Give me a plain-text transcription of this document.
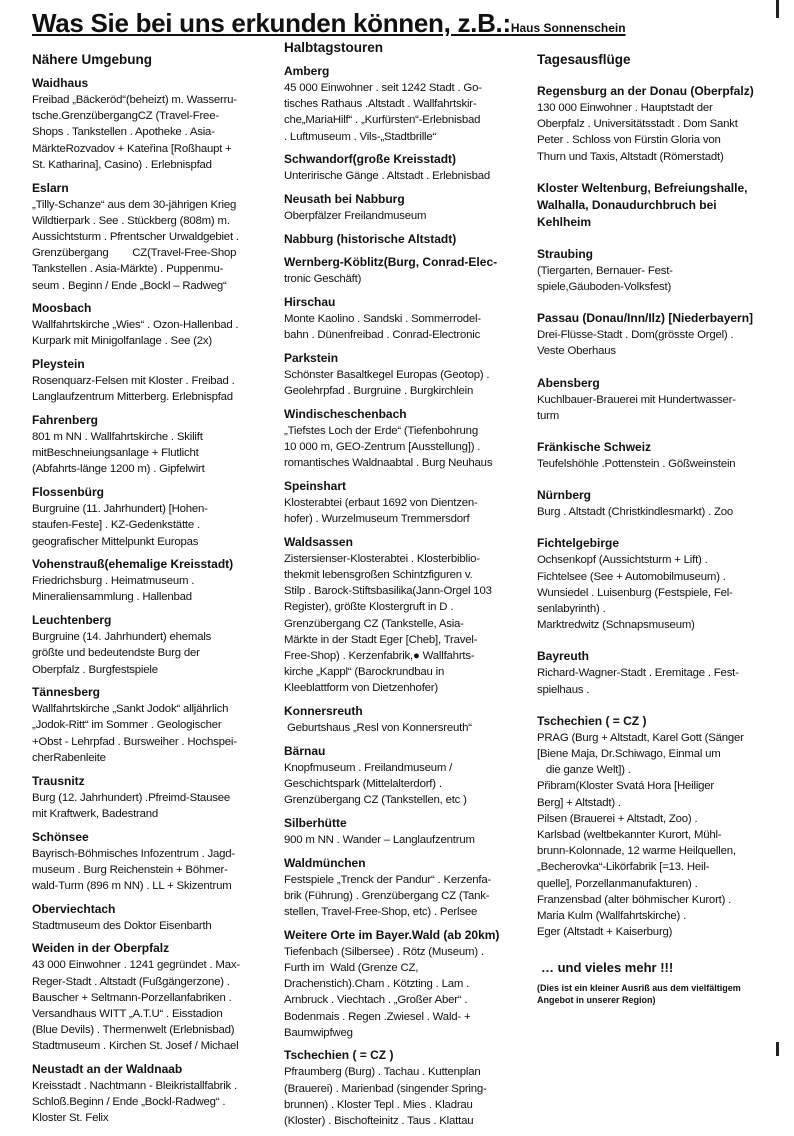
Was Sie bei uns erkunden können, z.B.:Haus Sonnenschein
Nähere Umgebung
Waidhaus
Freibad „Bäckeröd“(beheizt) m. Wasserru-
tsche.GrenzübergangCZ (Travel-Free-
Shops . Tankstellen . Apotheke . Asia-
MärkteRozvadov + Kateřina [Roßhaupt +
St. Katharina], Casino) . Erlebnispfad
Eslarn
„Tilly-Schanze“ aus dem 30-jährigen Krieg
Wildtierpark . See . Stückberg (808m) m.
Aussichtsturm . Pfrentscher Urwaldgebiet .
Grenzübergang        CZ(Travel-Free-Shop
Tankstellen . Asia-Märkte) . Puppenmu-
seum . Beginn / Ende „Bockl – Radweg“
Moosbach
Wallfahrtskirche „Wies“ . Ozon-Hallenbad .
Kurpark mit Minigolfanlage . See (2x)
Pleystein
Rosenquarz-Felsen mit Kloster . Freibad .
Langlaufzentrum Mitterberg. Erlebnispfad
Fahrenberg
801 m NN . Wallfahrtskirche . Skilift
mitBeschneiungsanlage + Flutlicht
(Abfahrts-länge 1200 m) . Gipfelwirt
Flossenbürg
Burgruine (11. Jahrhundert) [Hohen-
staufen-Feste] . KZ-Gedenkstätte .
geografischer Mittelpunkt Europas
Vohenstrauß(ehemalige Kreisstadt)
Friedrichsburg . Heimatmuseum .
Mineraliensammlung . Hallenbad
Leuchtenberg
Burgruine (14. Jahrhundert) ehemals
größte und bedeutendste Burg der
Oberpfalz . Burgfestspiele
Tännesberg
Wallfahrtskirche „Sankt Jodok“ alljährlich
„Jodok-Ritt“ im Sommer . Geologischer
+Obst - Lehrpfad . Bursweiher . Hochspei-
cherRabenleite
Trausnitz
Burg (12. Jahrhundert) .Pfreimd-Stausee
mit Kraftwerk, Badestrand
Schönsee
Bayrisch-Böhmisches Infozentrum . Jagd-
museum . Burg Reichenstein + Böhmer-
wald-Turm (896 m NN) . LL + Skizentrum
Oberviechtach
Stadtmuseum des Doktor Eisenbarth
Weiden in der Oberpfalz
43 000 Einwohner . 1241 gegründet . Max-
Reger-Stadt . Altstadt (Fußgängerzone) .
Bauscher + Seltmann-Porzellanfabriken .
Versandhaus WITT „A.T.U“ . Eisstadion
(Blue Devils) . Thermenwelt (Erlebnisbad)
Stadtmuseum . Kirchen St. Josef / Michael
Neustadt an der Waldnaab
Kreisstadt . Nachtmann - Bleikristallfabrik .
Schloß.Beginn / Ende „Bockl-Radweg“ .
Kloster St. Felix
Halbtagstouren
Amberg
45 000 Einwohner . seit 1242 Stadt . Go-
tisches Rathaus .Altstadt . Wallfahrtskir-
che„MariaHilf“ . „Kurfürsten“-Erlebnisbad
. Luftmuseum . Vils-„Stadtbrille“
Schwandorf(große Kreisstadt)
Unterirische Gänge . Altstadt . Erlebnisbad
Neusath bei Nabburg
Oberpfälzer Freilandmuseum
Nabburg (historische Altstadt)
Wernberg-Köblitz(Burg, Conrad-Elec-
tronic Geschäft)
Hirschau
Monte Kaolino . Sandski . Sommerrodel-
bahn . Dünenfreibad . Conrad-Electronic
Parkstein
Schönster Basaltkegel Europas (Geotop) .
Geolehrpfad . Burgruine . Burgkirchlein
Windischeschenbach
„Tiefstes Loch der Erde“ (Tiefenbohrung
10 000 m, GEO-Zentrum [Ausstellung]) .
romantisches Waldnaabtal . Burg Neuhaus
Speinshart
Klosterabtei (erbaut 1692 von Dientzen-
hofer) . Wurzelmuseum Tremmersdorf
Waldsassen
Zistersienser-Klosterabtei . Klosterbiblio-
thekmit lebensgroßen Schintzfiguren v.
Stilp . Barock-Stiftsbasilika(Jann-Orgel 103
Register), größte Klostergruft in D .
Grenzübergang CZ (Tankstelle, Asia-
Märkte in der Stadt Eger [Cheb], Travel-
Free-Shop) . Kerzenfabrik,● Wallfahrts-
kirche „Kappl“ (Barockrundbau in
Kleeblattform von Dietzenhofer)
Konnersreuth
Geburtshaus „Resl von Konnersreuth“
Bärnau
Knopfmuseum . Freilandmuseum /
Geschichtspark (Mittelalterdorf) .
Grenzübergang CZ (Tankstellen, etc )
Silberhütte
900 m NN . Wander – Langlaufzentrum
Waldmünchen
Festspiele „Trenck der Pandur“ . Kerzenfa-
brik (Führung) . Grenzübergang CZ (Tank-
stellen, Travel-Free-Shop, etc) . Perlsee
Weitere Orte im Bayer.Wald (ab 20km)
Tiefenbach (Silbersee) . Rötz (Museum) .
Furth im  Wald (Grenze CZ,
Drachenstich).Cham . Kötzting . Lam .
Arnbruck . Viechtach . „Großer Aber“ .
Bodenmais . Regen .Zwiesel . Wald- +
Baumwipfweg
Tschechien ( = CZ )
Pfraumberg (Burg) . Tachau . Kuttenplan
(Brauerei) . Marienbad (singender Spring-
brunnen) . Kloster Tepl . Mies . Kladrau
(Kloster) . Bischofteinitz . Taus . Klattau
Tagesausflüge
Regensburg an der Donau (Oberpfalz)
130 000 Einwohner . Hauptstadt der
Oberpfalz . Universitätsstadt . Dom Sankt
Peter . Schloss von Fürstin Gloria von
Thurn und Taxis, Altstadt (Römerstadt)
Kloster Weltenburg, Befreiungshalle,
Walhalla, Donaudurchbruch bei
Kehlheim
Straubing
(Tiergarten, Bernauer- Fest-
spiele,Gäuboden-Volksfest)
Passau (Donau/Inn/Ilz) [Niederbayern]
Drei-Flüsse-Stadt . Dom(grösste Orgel) .
Veste Oberhaus
Abensberg
Kuchlbauer-Brauerei mit Hundertwasser-
turm
Fränkische Schweiz
Teufelshöhle .Pottenstein . Gößweinstein
Nürnberg
Burg . Altstadt (Christkindlesmarkt) . Zoo
Fichtelgebirge
Ochsenkopf (Aussichtsturm + Lift) .
Fichtelsee (See + Automobilmuseum) .
Wunsiedel . Luisenburg (Festspiele, Fel-
senlabyrinth) .
Marktredwitz (Schnapsmuseum)
Bayreuth
Richard-Wagner-Stadt . Eremitage . Fest-
spielhaus .
Tschechien ( = CZ )
PRAG (Burg + Altstadt, Karel Gott (Sänger
[Biene Maja, Dr.Schiwago, Einmal um
die ganze Welt]) .
Přibram(Kloster Svatá Hora [Heiliger
Berg] + Altstadt) .
Pilsen (Brauerei + Altstadt, Zoo) .
Karlsbad (weltbekannter Kurort, Mühl-
brunn-Kolonnade, 12 warme Heilquellen,
„Becherovka“-Likörfabrik [=13. Heil-
quelle], Porzellanmanufakturen) .
Franzensbad (alter böhmischer Kurort) .
Maria Kulm (Wallfahrtskirche) .
Eger (Altstadt + Kaiserburg)
… und vieles mehr !!!
(Dies ist ein kleiner Ausriß aus dem vielfältigem Angebot in unserer Region)
